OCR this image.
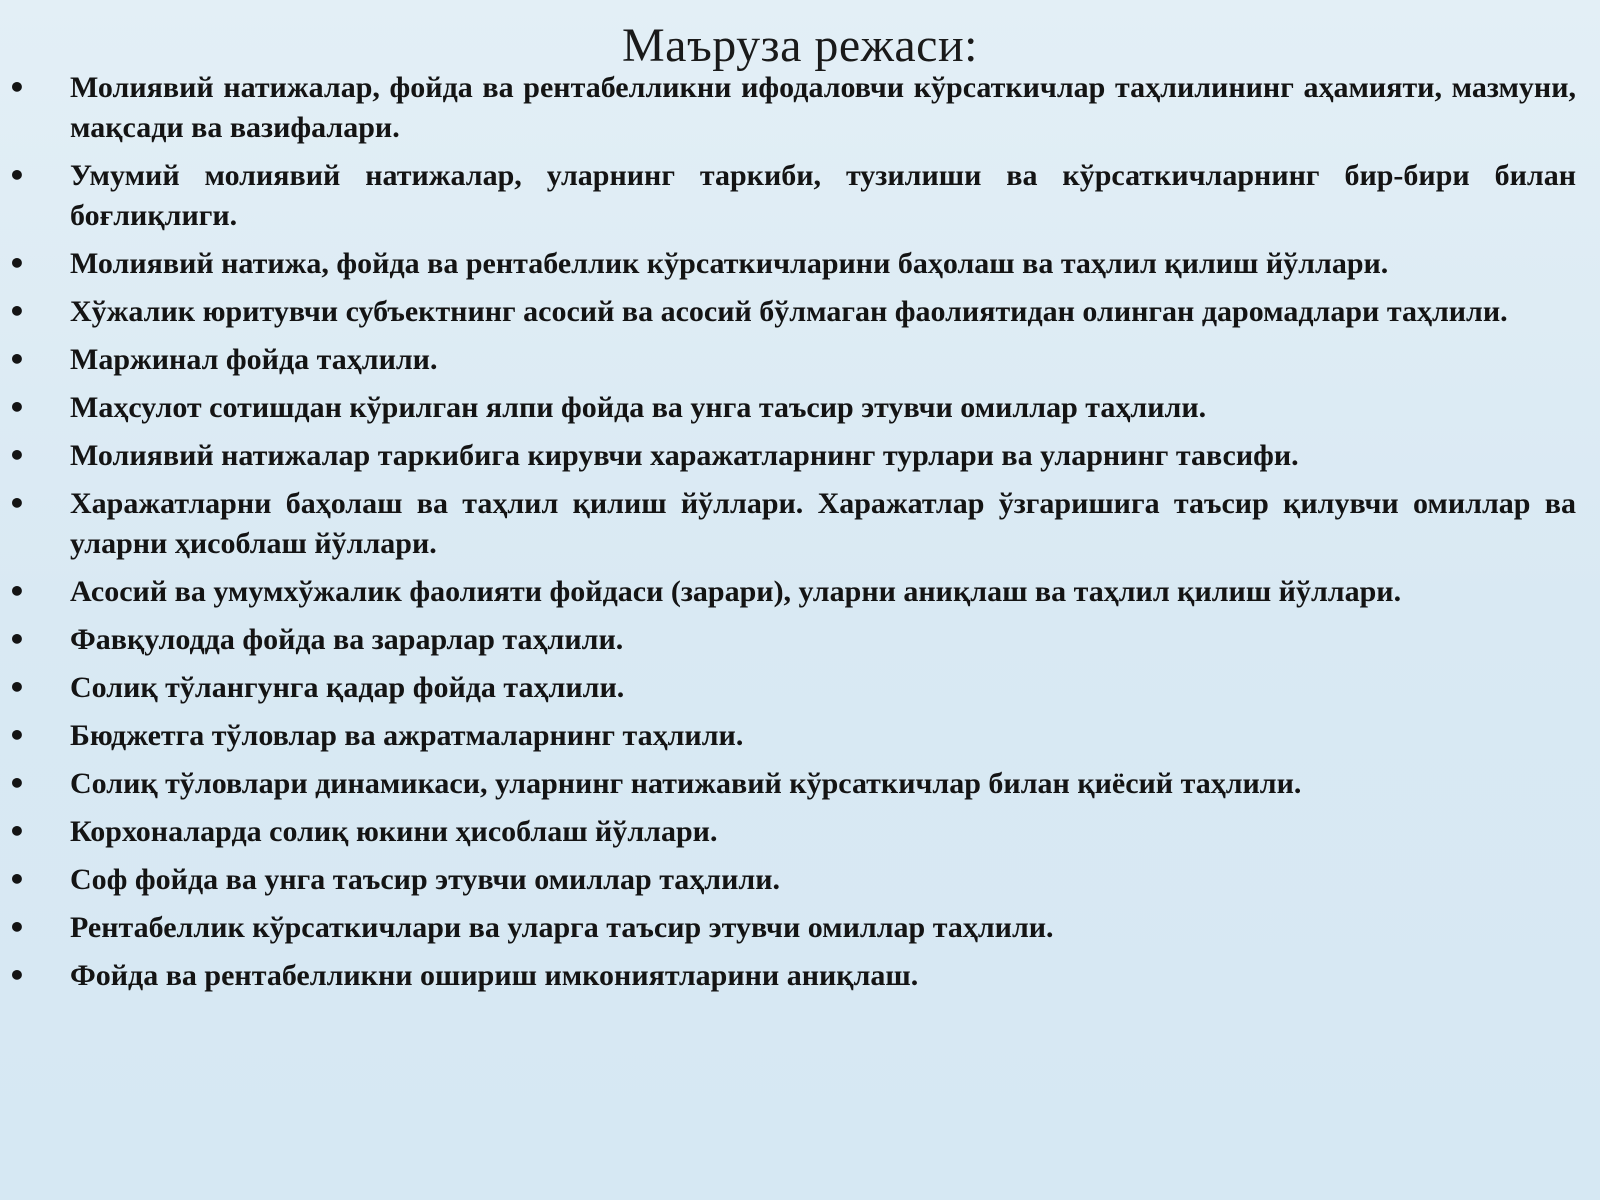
Маъруза режаси:
• Молиявий натижалар, фойда ва рентабелликни ифодаловчи кўрсаткичлар таҳлилининг аҳамияти, мазмуни, мақсади ва вазифалари.
• Умумий молиявий натижалар, уларнинг таркиби, тузилиши ва кўрсаткичларнинг бир-бири билан боғлиқлиги.
• Молиявий натижа, фойда ва рентабеллик кўрсаткичларини баҳолаш ва таҳлил қилиш йўллари.
• Хўжалик юритувчи субъектнинг асосий ва асосий бўлмаган фаолиятидан олинган даромадлари таҳлили.
• Маржинал фойда таҳлили.
• Маҳсулот сотишдан кўрилган ялпи фойда ва унга таъсир этувчи омиллар таҳлили.
• Молиявий натижалар таркибига кирувчи харажатларнинг турлари ва уларнинг тавсифи.
• Харажатларни баҳолаш ва таҳлил қилиш йўллари. Харажатлар ўзгаришига таъсир қилувчи омиллар ва уларни ҳисоблаш йўллари.
• Асосий ва умумхўжалик фаолияти фойдаси (зарари), уларни аниқлаш ва таҳлил қилиш йўллари.
• Фавқулодда фойда ва зарарлар таҳлили.
• Солиқ тўлангунга қадар фойда таҳлили.
• Бюджетга тўловлар ва ажратмаларнинг таҳлили.
• Солиқ тўловлари динамикаси, уларнинг натижавий кўрсаткичлар билан қиёсий таҳлили.
• Корхоналарда солиқ юкини ҳисоблаш йўллари.
• Соф фойда ва унга таъсир этувчи омиллар таҳлили.
• Рентабеллик кўрсаткичлари ва уларга таъсир этувчи омиллар таҳлили.
• Фойда ва рентабелликни ошириш имкониятларини аниқлаш.
